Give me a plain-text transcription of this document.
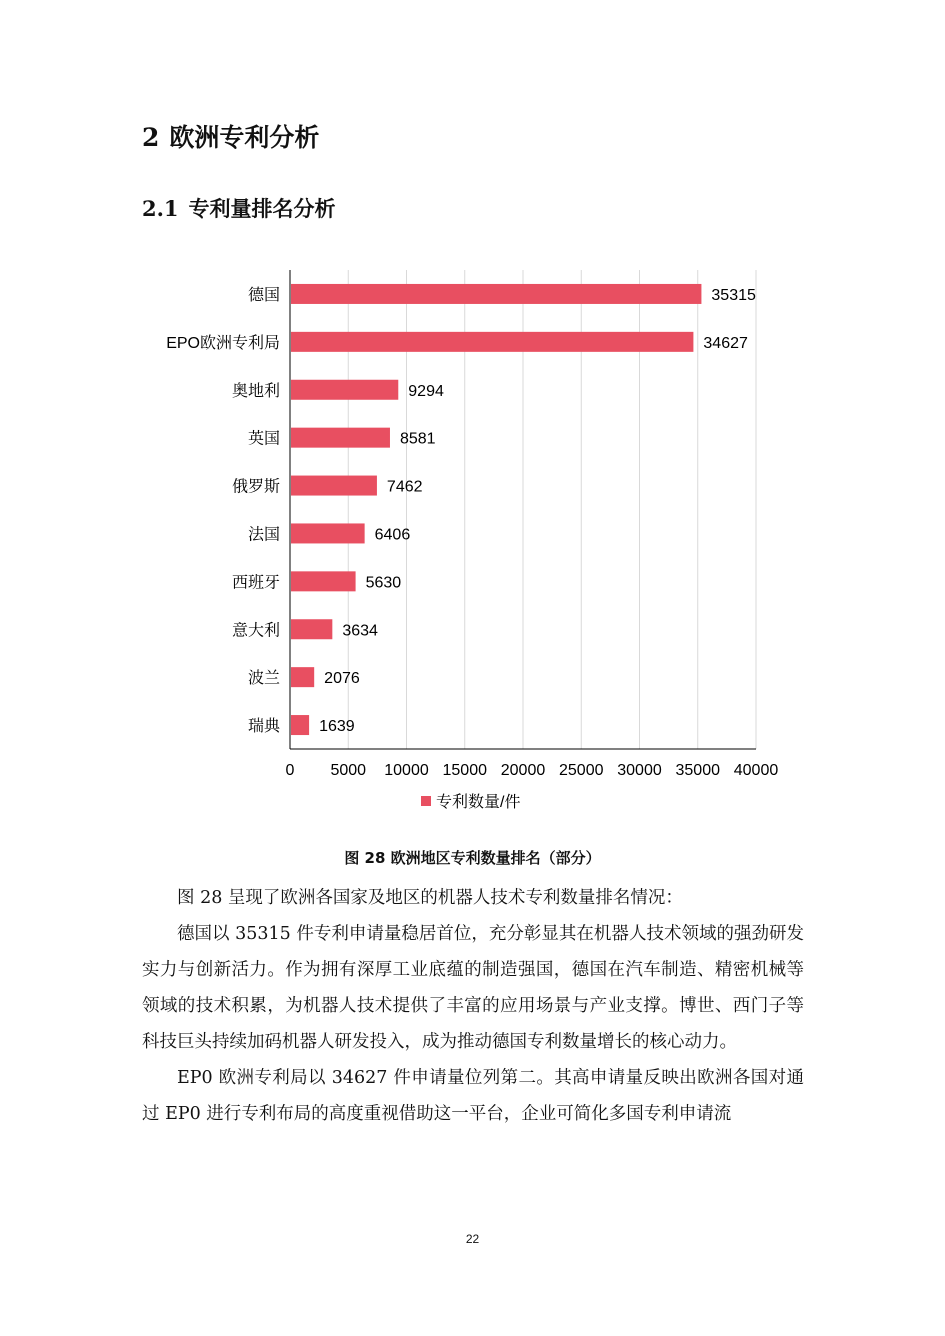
2 欧洲专利分析
2.1 专利量排名分析
0 5000 10000 15000 20000 25000 30000 35000 40000
德国	35315
EPO欧洲专利局	34627
奥地利	9294
英国	8581
俄罗斯	7462
法国	6406
西班牙	5630
意大利	3634
波兰	2076
瑞典 1639
专利数量/件
图 28 欧洲地区专利数量排名（部分）

图 28 呈现了欧洲各国家及地区的机器人技术专利数量排名情况：

德国以 35315 件专利申请量稳居首位，充分彰显其在机器人技术领域的强劲研发实力与创新活力。作为拥有深厚工业底蕴的制造强国，德国在汽车制造、精密机械等领域的技术积累，为机器人技术提供了丰富的应用场景与产业支撑。博世、西门子等科技巨头持续加码机器人研发投入，成为推动德国专利数量增长的核心动力。

EP0 欧洲专利局以 34627 件申请量位列第二。其高申请量反映出欧洲各国对通过 EP0 进行专利布局的高度重视借助这一平台，企业可简化多国专利申请流

22
